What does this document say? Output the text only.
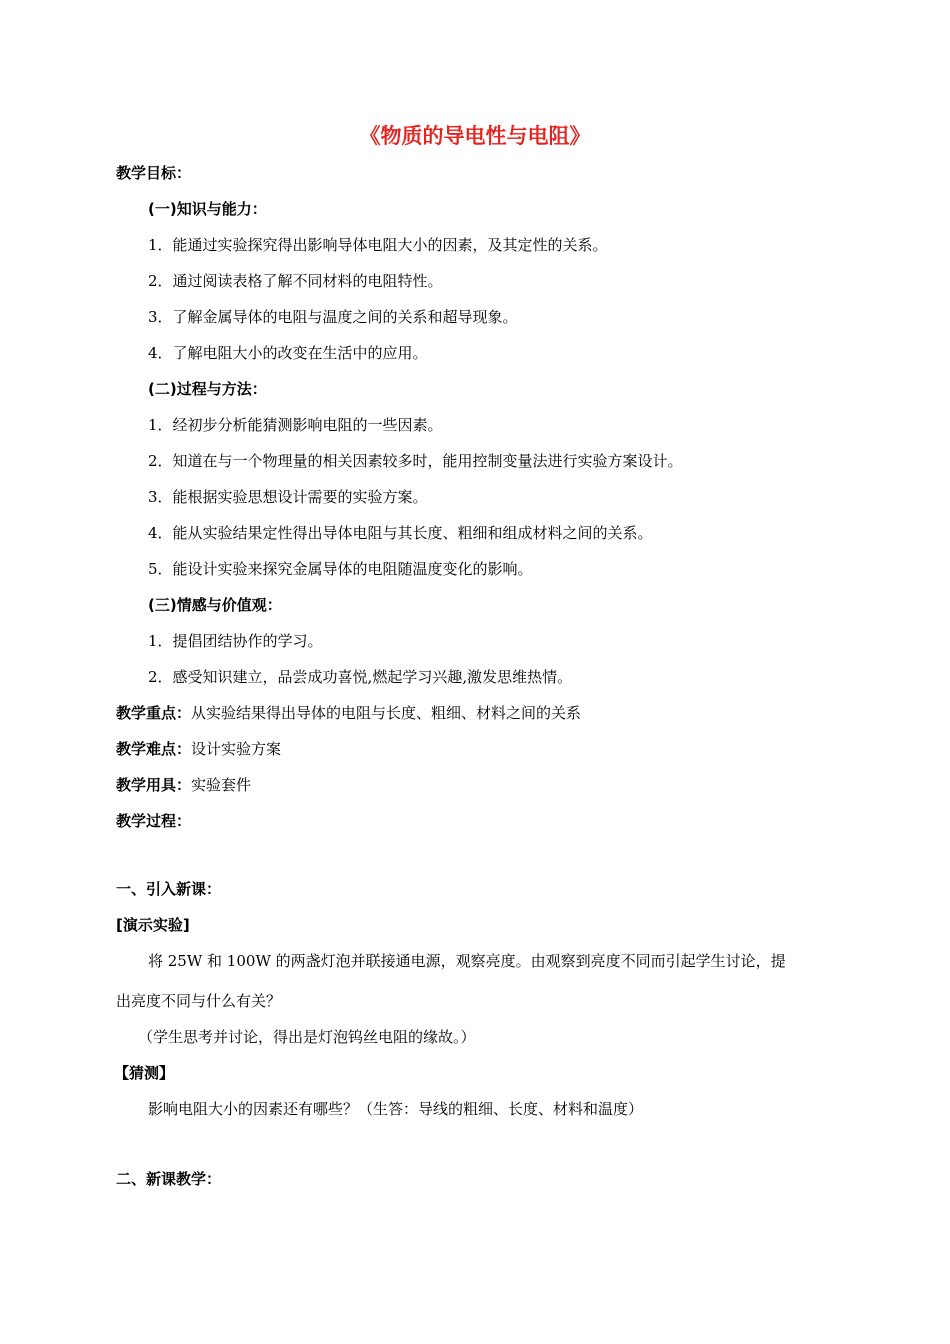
《物质的导电性与电阻》
教学目标：
(一)知识与能力：
1．能通过实验探究得出影响导体电阻大小的因素，及其定性的关系。
2．通过阅读表格了解不同材料的电阻特性。
3．了解金属导体的电阻与温度之间的关系和超导现象。
4．了解电阻大小的改变在生活中的应用。
(二)过程与方法：
1．经初步分析能猜测影响电阻的一些因素。
2．知道在与一个物理量的相关因素较多时，能用控制变量法进行实验方案设计。
3．能根据实验思想设计需要的实验方案。
4．能从实验结果定性得出导体电阻与其长度、粗细和组成材料之间的关系。
5．能设计实验来探究金属导体的电阻随温度变化的影响。
(三)情感与价值观：
1．提倡团结协作的学习。
2．感受知识建立，品尝成功喜悦,燃起学习兴趣,激发思维热情。
教学重点：从实验结果得出导体的电阻与长度、粗细、材料之间的关系
教学难点：设计实验方案
教学用具：实验套件
教学过程：
一、引入新课：
[演示实验]
将 25W 和 100W 的两盏灯泡并联接通电源，观察亮度。由观察到亮度不同而引起学生讨论，提
出亮度不同与什么有关？
（学生思考并讨论，得出是灯泡钨丝电阻的缘故。）
【猜测】
影响电阻大小的因素还有哪些？（生答：导线的粗细、长度、材料和温度）
二、新课教学：
